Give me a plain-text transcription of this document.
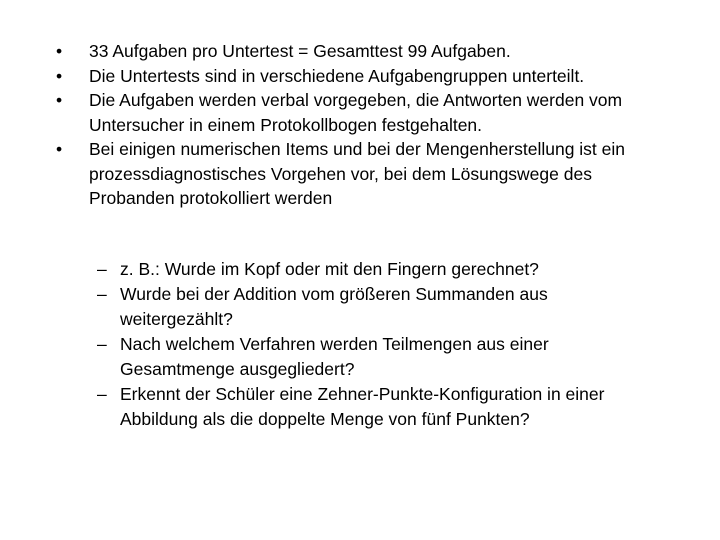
•	33 Aufgaben pro Untertest = Gesamttest 99 Aufgaben.
•	Die Untertests sind in verschiedene Aufgabengruppen unterteilt.
•	Die Aufgaben werden verbal vorgegeben, die Antworten werden vom Untersucher in einem Protokollbogen festgehalten.
•	Bei einigen numerischen Items und bei der Mengenherstellung ist ein prozessdiagnostisches Vorgehen vor, bei dem Lösungswege des Probanden protokolliert werden
– z. B.: Wurde im Kopf oder mit den Fingern gerechnet?
– Wurde bei der Addition vom größeren Summanden aus weitergezählt?
– Nach welchem Verfahren werden Teilmengen aus einer Gesamtmenge ausgegliedert?
– Erkennt der Schüler eine Zehner-Punkte-Konfiguration in einer Abbildung als die doppelte Menge von fünf Punkten?
